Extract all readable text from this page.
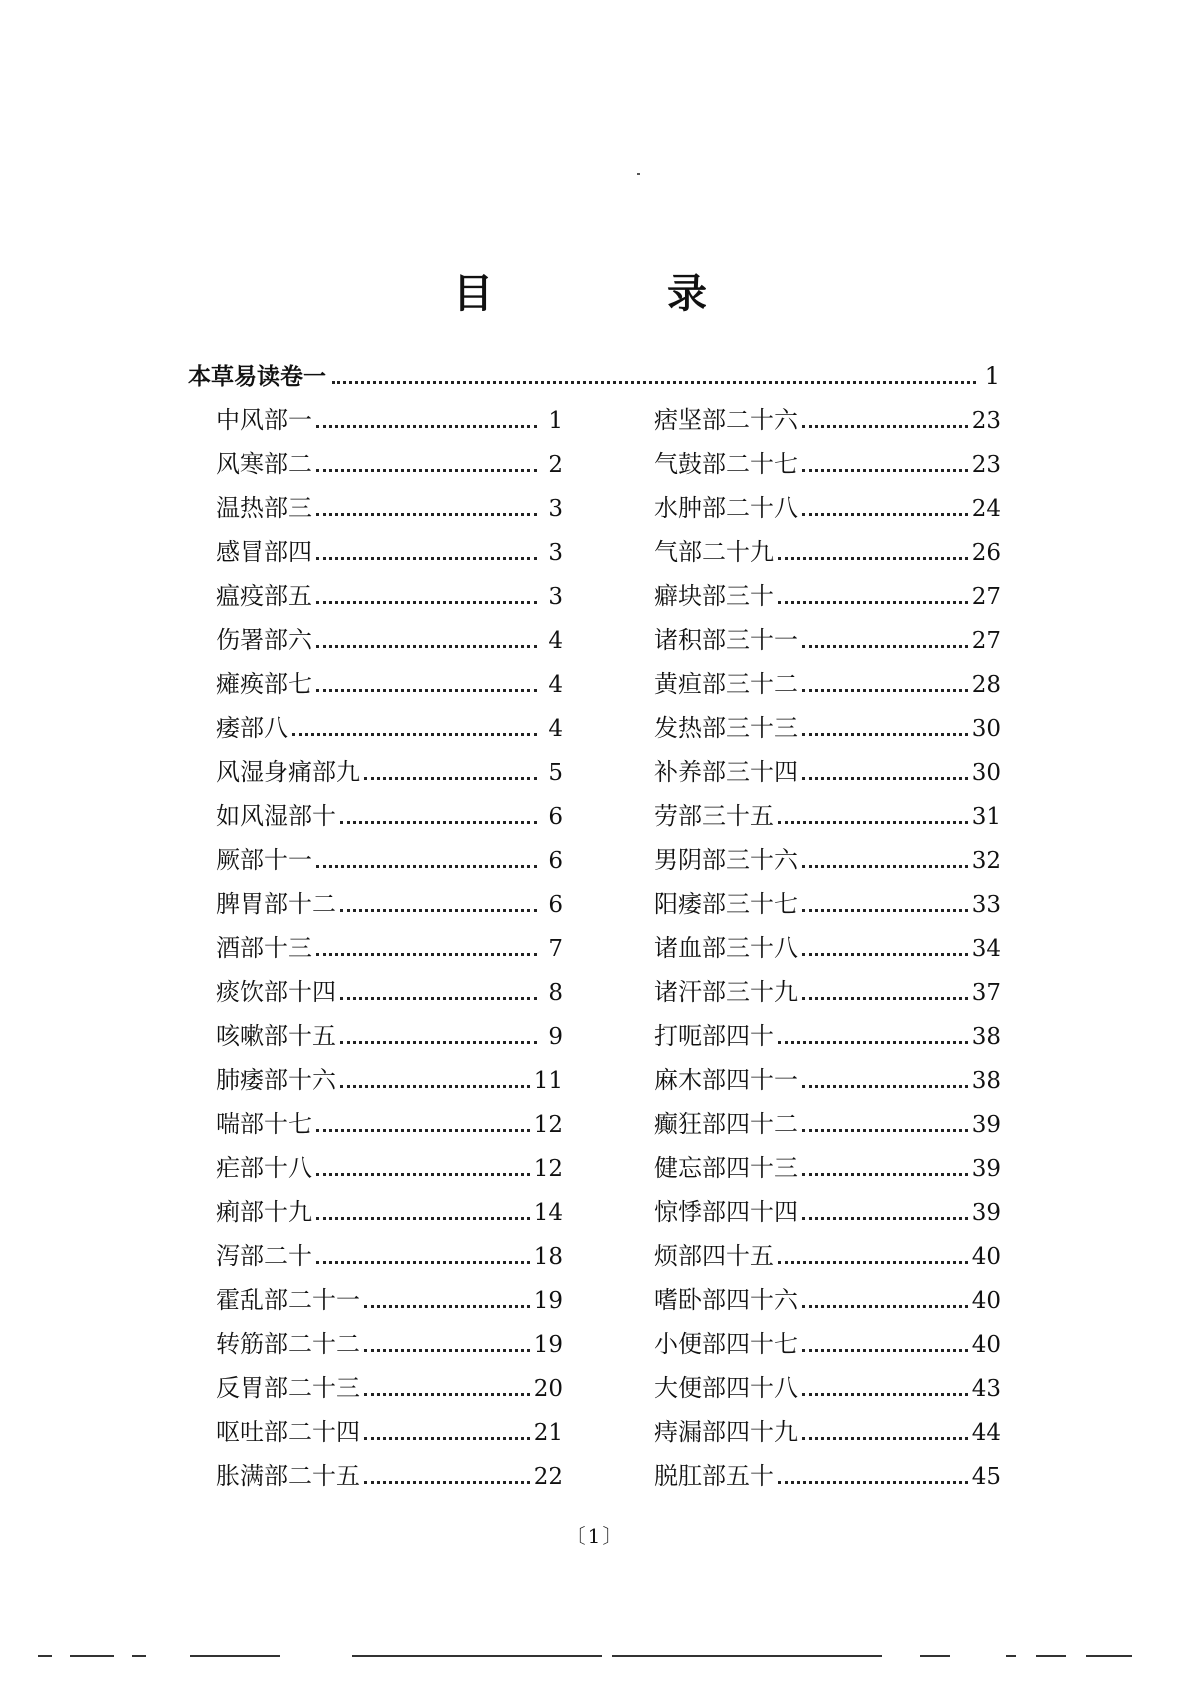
目 录
本草易读卷一	1
中风部一	1
风寒部二	2
温热部三	3
感冒部四	3
瘟疫部五	3
伤署部六	4
瘫痪部七	4
痿部八	4
风湿身痛部九	5
如风湿部十	6
厥部十一	6
脾胃部十二	6
酒部十三	7
痰饮部十四	8
咳嗽部十五	9
肺痿部十六	11
喘部十七	12
疟部十八	12
痢部十九	14
泻部二十	18
霍乱部二十一	19
转筋部二十二	19
反胃部二十三	20
呕吐部二十四	21
胀满部二十五	22
痞坚部二十六	23
气鼓部二十七	23
水肿部二十八	24
气部二十九	26
癖块部三十	27
诸积部三十一	27
黄疸部三十二	28
发热部三十三	30
补养部三十四	30
劳部三十五	31
男阴部三十六	32
阳痿部三十七	33
诸血部三十八	34
诸汗部三十九	37
打呃部四十	38
麻木部四十一	38
癫狂部四十二	39
健忘部四十三	39
惊悸部四十四	39
烦部四十五	40
嗜卧部四十六	40
小便部四十七	40
大便部四十八	43
痔漏部四十九	44
脱肛部五十	45
〔1〕
